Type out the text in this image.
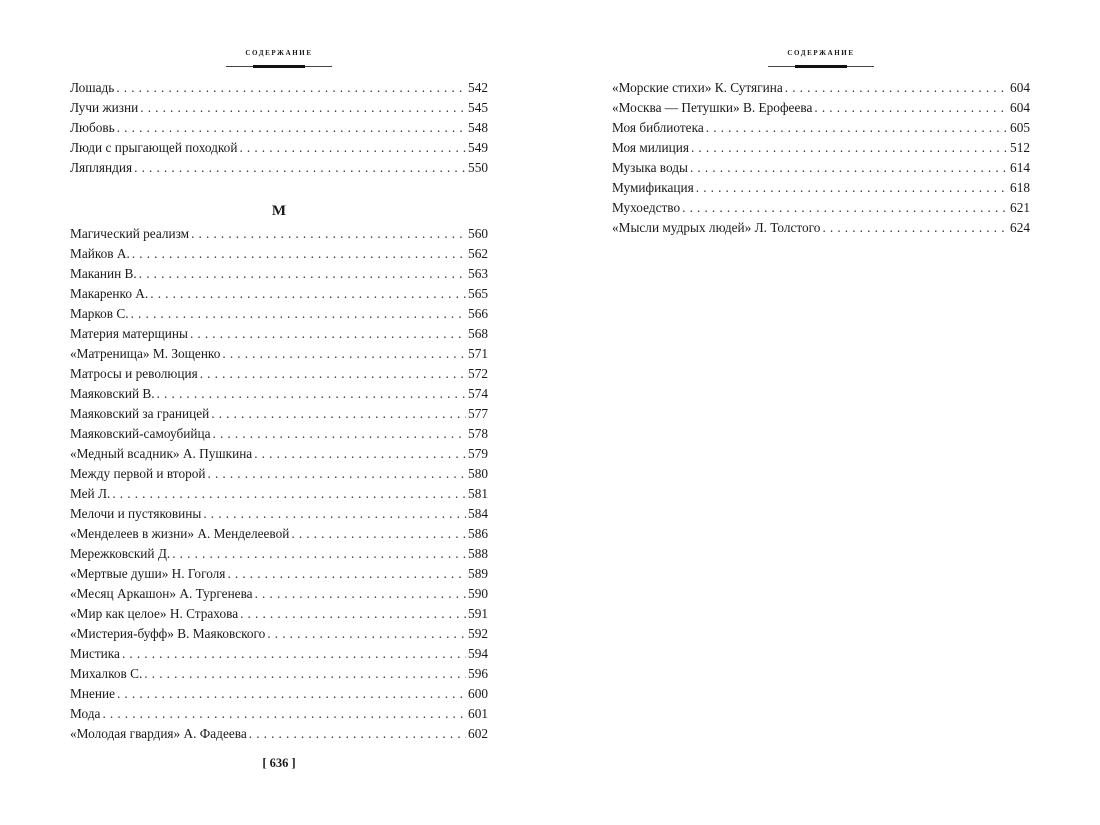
содержание
Лошадь . . .	542
Лучи жизни . . .	545
Любовь . . .	548
Люди с прыгающей походкой . . .	549
Ляпляндия . . .	550
М
Магический реализм . . .	560
Майков А. . . .	562
Маканин В. . . .	563
Макаренко А. . . .	565
Марков С. . . .	566
Материя матерщины . . .	568
«Матренища» М. Зощенко . . .	571
Матросы и революция . . .	572
Маяковский В. . . .	574
Маяковский за границей . . .	577
Маяковский-самоубийца . . .	578
«Медный всадник» А. Пушкина . . .	579
Между первой и второй . . .	580
Мей Л. . . .	581
Мелочи и пустяковины . . .	584
«Менделеев в жизни» А. Менделеевой . . .	586
Мережковский Д. . . .	588
«Мертвые души» Н. Гоголя . . .	589
«Месяц Аркашон» А. Тургенева . . .	590
«Мир как целое» Н. Страхова . . .	591
«Мистерия-буфф» В. Маяковского . . .	592
Мистика . . .	594
Михалков С. . . .	596
Мнение . . .	600
Мода . . .	601
«Молодая гвардия» А. Фадеева . . .	602
[ 636 ]
содержание
«Морские стихи» К. Сутягина . . .	604
«Москва — Петушки» В. Ерофеева . . .	604
Моя библиотека . . .	605
Моя милиция . . .	512
Музыка воды . . .	614
Мумификация . . .	618
Мухоедство . . .	621
«Мысли мудрых людей» Л. Толстого . . .	624
